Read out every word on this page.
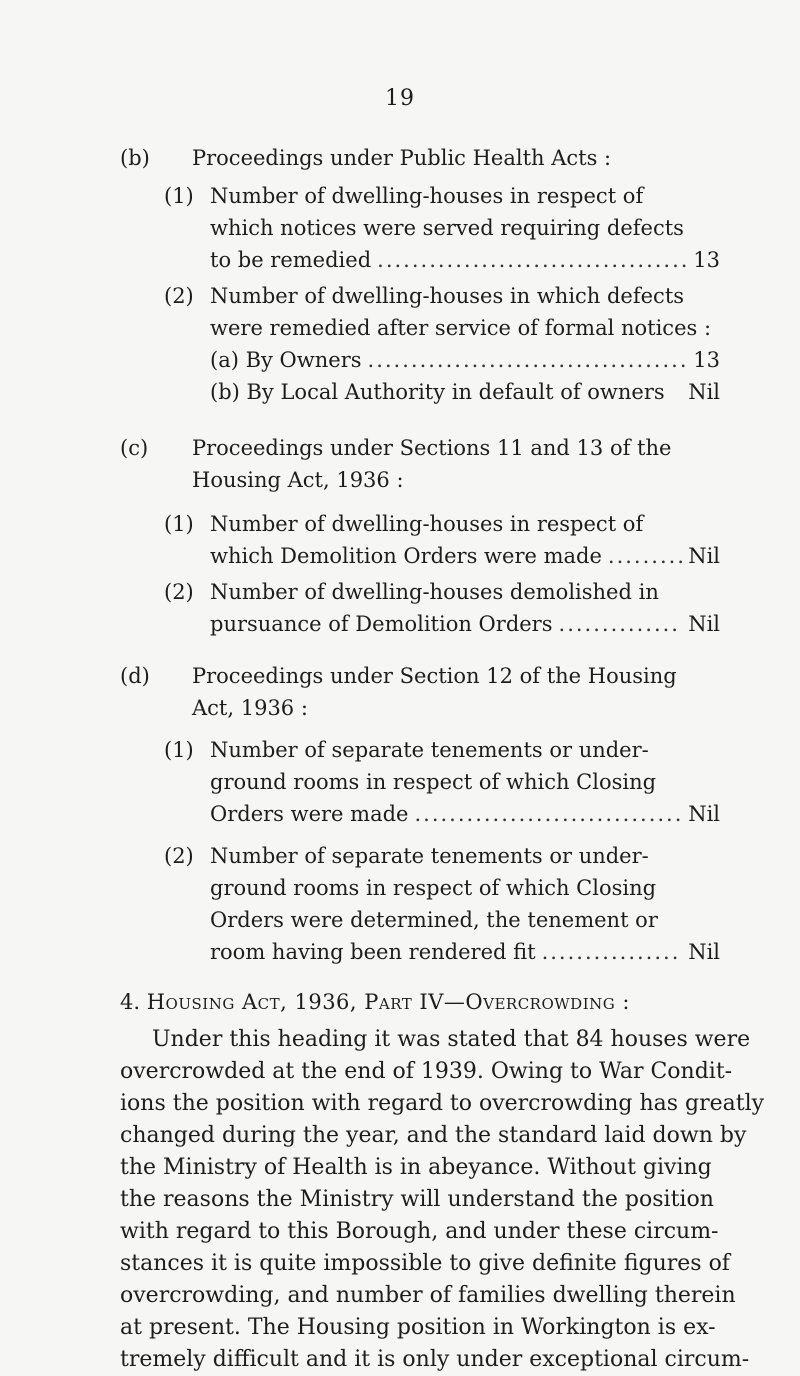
19
(b) Proceedings under Public Health Acts :
(1) Number of dwelling-houses in respect of
which notices were served requiring defects
to be remedied .....	13
(2) Number of dwelling-houses in which defects
were remedied after service of formal notices :
(a) By Owners .....	13
(b) By Local Authority in default of owners Nil
(c) Proceedings under Sections 11 and 13 of the
Housing Act, 1936 :
(1) Number of dwelling-houses in respect of
which Demolition Orders were made .....	Nil
(2) Number of dwelling-houses demolished in
pursuance of Demolition Orders .....	Nil
(d) Proceedings under Section 12 of the Housing
Act, 1936 :
(1) Number of separate tenements or under-
ground rooms in respect of which Closing
Orders were made .....	Nil
(2) Number of separate tenements or under-
ground rooms in respect of which Closing
Orders were determined, the tenement or
room having been rendered fit .....	Nil
4. Housing Act, 1936, Part IV—Overcrowding :
Under this heading it was stated that 84 houses were
overcrowded at the end of 1939. Owing to War Condit-
ions the position with regard to overcrowding has greatly
changed during the year, and the standard laid down by
the Ministry of Health is in abeyance. Without giving
the reasons the Ministry will understand the position
with regard to this Borough, and under these circum-
stances it is quite impossible to give definite figures of
overcrowding, and number of families dwelling therein
at present. The Housing position in Workington is ex-
tremely difficult and it is only under exceptional circum-
